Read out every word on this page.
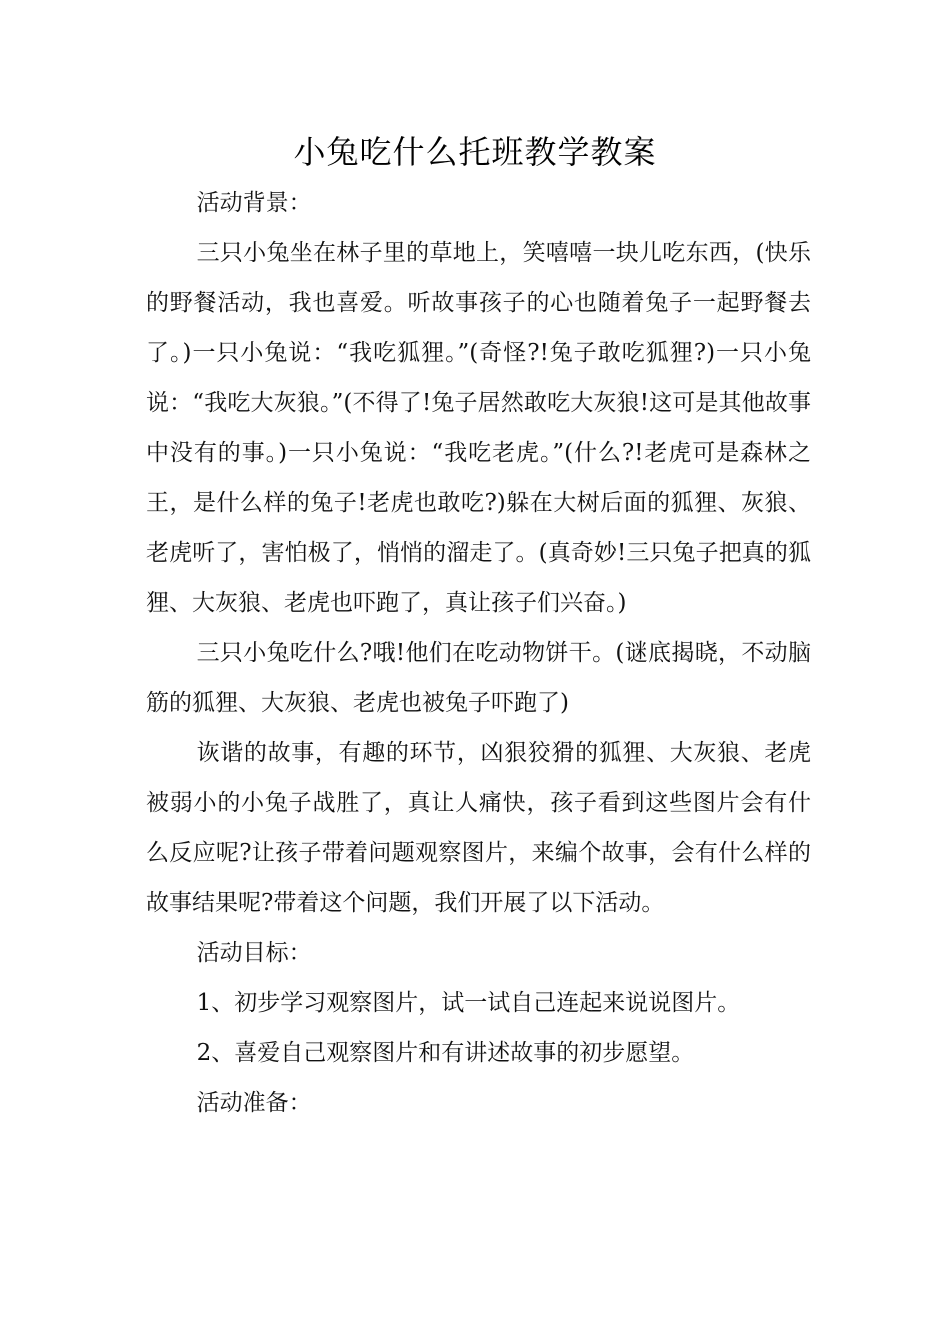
小兔吃什么托班教学教案

活动背景：

三只小兔坐在林子里的草地上，笑嘻嘻一块儿吃东西，(快乐的野餐活动，我也喜爱。听故事孩子的心也随着兔子一起野餐去了。)一只小兔说：“我吃狐狸。”(奇怪?!兔子敢吃狐狸?)一只小兔说：“我吃大灰狼。”(不得了!兔子居然敢吃大灰狼!这可是其他故事中没有的事。)一只小兔说：“我吃老虎。”(什么?!老虎可是森林之王，是什么样的兔子!老虎也敢吃?)躲在大树后面的狐狸、灰狼、老虎听了，害怕极了，悄悄的溜走了。(真奇妙!三只兔子把真的狐狸、大灰狼、老虎也吓跑了，真让孩子们兴奋。)

三只小兔吃什么?哦!他们在吃动物饼干。(谜底揭晓，不动脑筋的狐狸、大灰狼、老虎也被兔子吓跑了)

诙谐的故事，有趣的环节，凶狠狡猾的狐狸、大灰狼、老虎被弱小的小兔子战胜了，真让人痛快，孩子看到这些图片会有什么反应呢?让孩子带着问题观察图片，来编个故事，会有什么样的故事结果呢?带着这个问题，我们开展了以下活动。

活动目标：

1、初步学习观察图片，试一试自己连起来说说图片。

2、喜爱自己观察图片和有讲述故事的初步愿望。

活动准备：
